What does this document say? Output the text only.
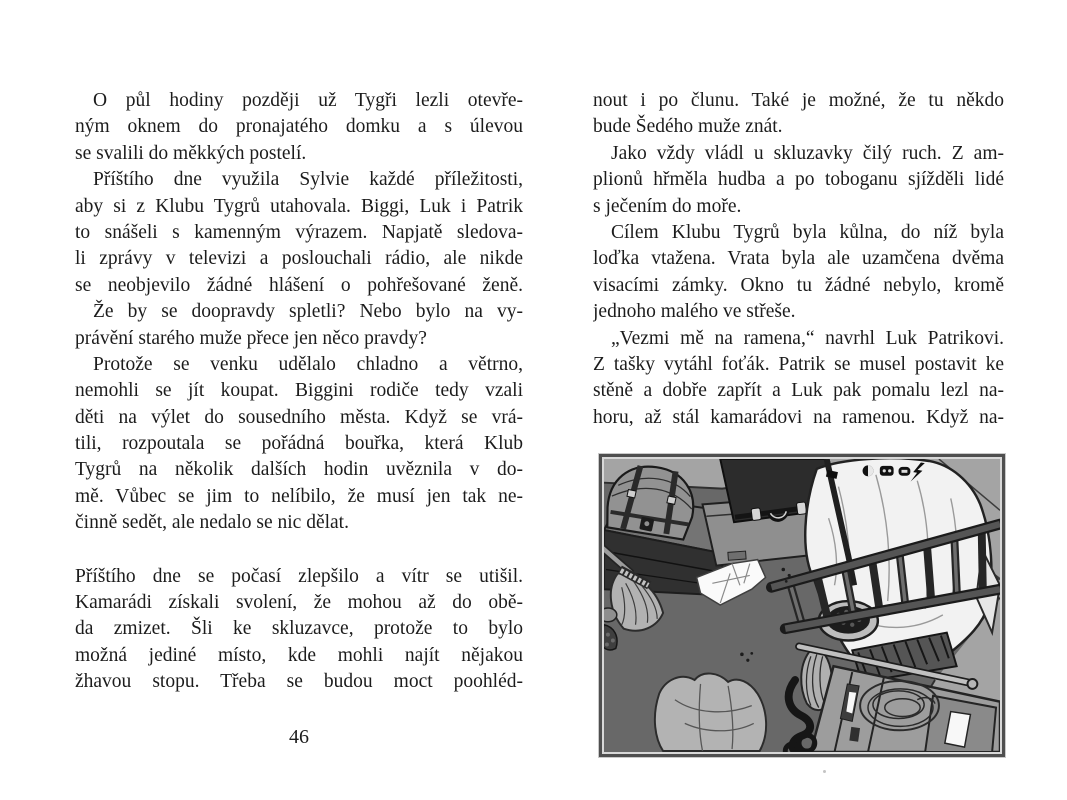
O půl hodiny později už Tygři lezli otevře-
ným oknem do pronajatého domku a s úlevou
se svalili do měkkých postelí.
Příštího dne využila Sylvie každé příležitosti,
aby si z Klubu Tygrů utahovala. Biggi, Luk i Patrik
to snášeli s kamenným výrazem. Napjatě sledova-
li zprávy v televizi a poslouchali rádio, ale nikde
se neobjevilo žádné hlášení o pohřešované ženě.
Že by se doopravdy spletli? Nebo bylo na vy-
právění starého muže přece jen něco pravdy?
Protože se venku udělalo chladno a větrno,
nemohli se jít koupat. Biggini rodiče tedy vzali
děti na výlet do sousedního města. Když se vrá-
tili, rozpoutala se pořádná bouřka, která Klub
Tygrů na několik dalších hodin uvěznila v do-
mě. Vůbec se jim to nelíbilo, že musí jen tak ne-
činně sedět, ale nedalo se nic dělat.
Příštího dne se počasí zlepšilo a vítr se utišil.
Kamarádi získali svolení, že mohou až do obě-
da zmizet. Šli ke skluzavce, protože to bylo
možná jediné místo, kde mohli najít nějakou
žhavou stopu. Třeba se budou moct poohléd-
46
nout i po člunu. Také je možné, že tu někdo
bude Šedého muže znát.
Jako vždy vládl u skluzavky čilý ruch. Z am-
plionů hřměla hudba a po toboganu sjížděli lidé
s ječením do moře.
Cílem Klubu Tygrů byla kůlna, do níž byla
loďka vtažena. Vrata byla ale uzamčena dvěma
visacími zámky. Okno tu žádné nebylo, kromě
jednoho malého ve střeše.
„Vezmi mě na ramena,“ navrhl Luk Patrikovi.
Z tašky vytáhl foťák. Patrik se musel postavit ke
stěně a dobře zapřít a Luk pak pomalu lezl na-
horu, až stál kamarádovi na ramenou. Když na-
